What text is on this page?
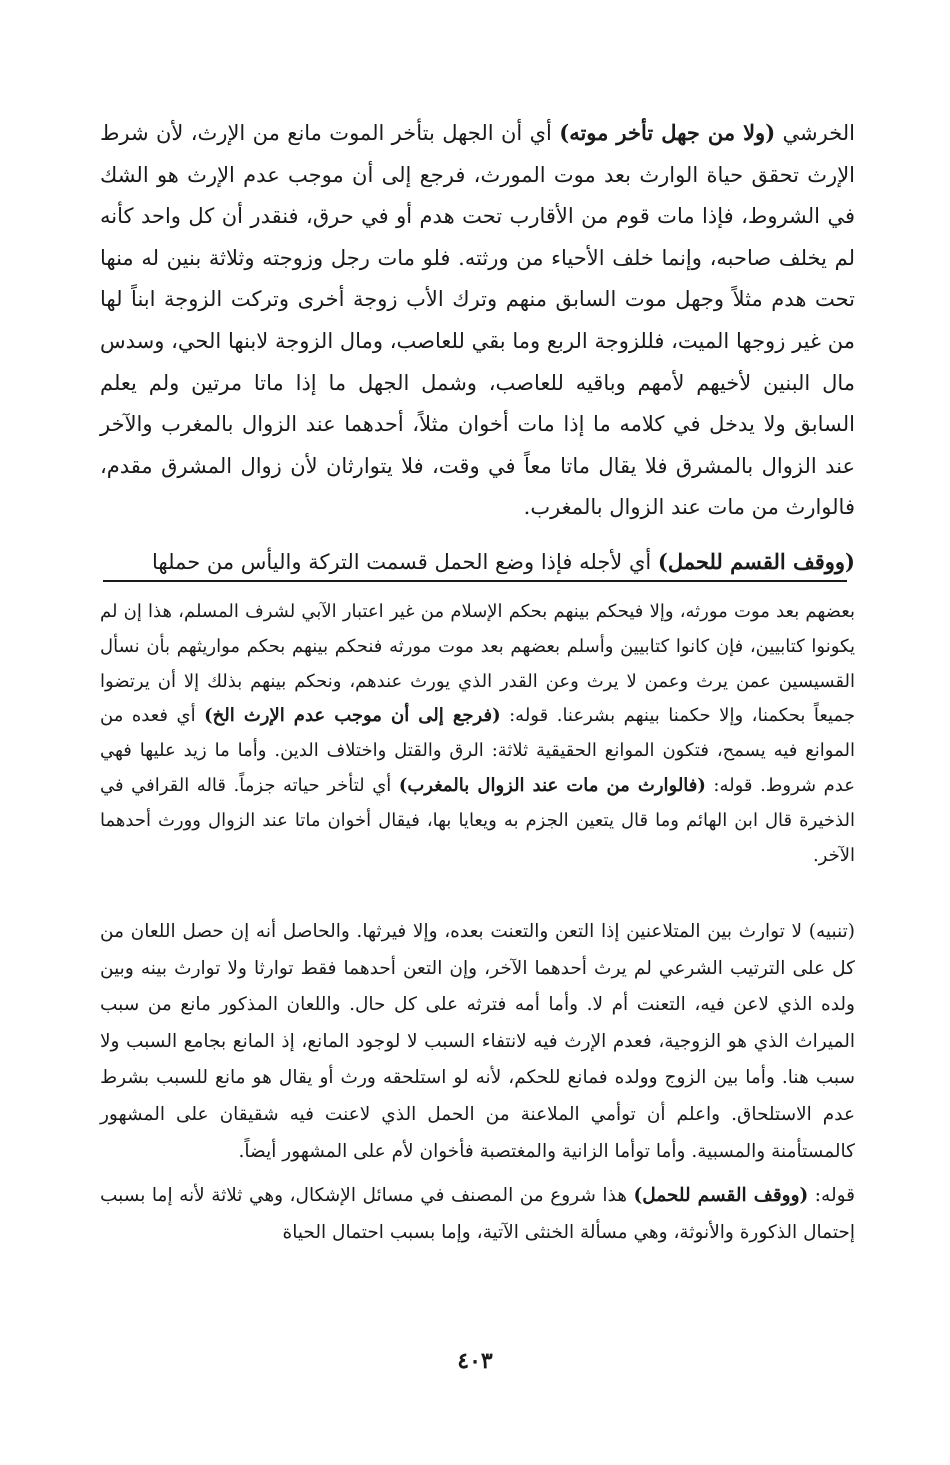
الخرشي (ولا من جهل تأخر موته) أي أن الجهل بتأخر الموت مانع من الإرث، لأن شرط الإرث تحقق حياة الوارث بعد موت المورث، فرجع إلى أن موجب عدم الإرث هو الشك في الشروط، فإذا مات قوم من الأقارب تحت هدم أو في حرق، فنقدر أن كل واحد كأنه لم يخلف صاحبه، وإنما خلف الأحياء من ورثته. فلو مات رجل وزوجته وثلاثة بنين له منها تحت هدم مثلاً وجهل موت السابق منهم وترك الأب زوجة أخرى وتركت الزوجة ابناً لها من غير زوجها الميت، فللزوجة الربع وما بقي للعاصب، ومال الزوجة لابنها الحي، وسدس مال البنين لأخيهم لأمهم وباقيه للعاصب، وشمل الجهل ما إذا ماتا مرتين ولم يعلم السابق ولا يدخل في كلامه ما إذا مات أخوان مثلاً، أحدهما عند الزوال بالمغرب والآخر عند الزوال بالمشرق فلا يقال ماتا معاً في وقت، فلا يتوارثان لأن زوال المشرق مقدم، فالوارث من مات عند الزوال بالمغرب.

(ووقف القسم للحمل) أي لأجله فإذا وضع الحمل قسمت التركة واليأس من حملها

بعضهم بعد موت مورثه، وإلا فيحكم بينهم بحكم الإسلام من غير اعتبار الآبي لشرف المسلم، هذا إن لم يكونوا كتابيين، فإن كانوا كتابيين وأسلم بعضهم بعد موت مورثه فنحكم بينهم بحكم مواريثهم بأن نسأل القسيسين عمن يرث وعمن لا يرث وعن القدر الذي يورث عندهم، ونحكم بينهم بذلك إلا أن يرتضوا جميعاً بحكمنا، وإلا حكمنا بينهم بشرعنا. قوله: (فرجع إلى أن موجب عدم الإرث الخ) أي فعده من الموانع فيه يسمح، فتكون الموانع الحقيقية ثلاثة: الرق والقتل واختلاف الدين. وأما ما زيد عليها فهي عدم شروط. قوله: (فالوارث من مات عند الزوال بالمغرب) أي لتأخر حياته جزماً. قاله القرافي في الذخيرة قال ابن الهائم وما قال يتعين الجزم به ويعايا بها، فيقال أخوان ماتا عند الزوال وورث أحدهما الآخر.

(تنبيه) لا توارث بين المتلاعنين إذا التعن والتعنت بعده، وإلا فيرثها. والحاصل أنه إن حصل اللعان من كل على الترتيب الشرعي لم يرث أحدهما الآخر، وإن التعن أحدهما فقط توارثا ولا توارث بينه وبين ولده الذي لاعن فيه، التعنت أم لا. وأما أمه فترثه على كل حال. واللعان المذكور مانع من سبب الميراث الذي هو الزوجية، فعدم الإرث فيه لانتفاء السبب لا لوجود المانع، إذ المانع بجامع السبب ولا سبب هنا. وأما بين الزوج وولده فمانع للحكم، لأنه لو استلحقه ورث أو يقال هو مانع للسبب بشرط عدم الاستلحاق. واعلم أن توأمي الملاعنة من الحمل الذي لاعنت فيه شقيقان على المشهور كالمستأمنة والمسبية. وأما توأما الزانية والمغتصبة فأخوان لأم على المشهور أيضاً.

قوله: (ووقف القسم للحمل) هذا شروع من المصنف في مسائل الإشكال، وهي ثلاثة لأنه إما بسبب إحتمال الذكورة والأنوثة، وهي مسألة الخنثى الآتية، وإما بسبب احتمال الحياة

٤٠٣
